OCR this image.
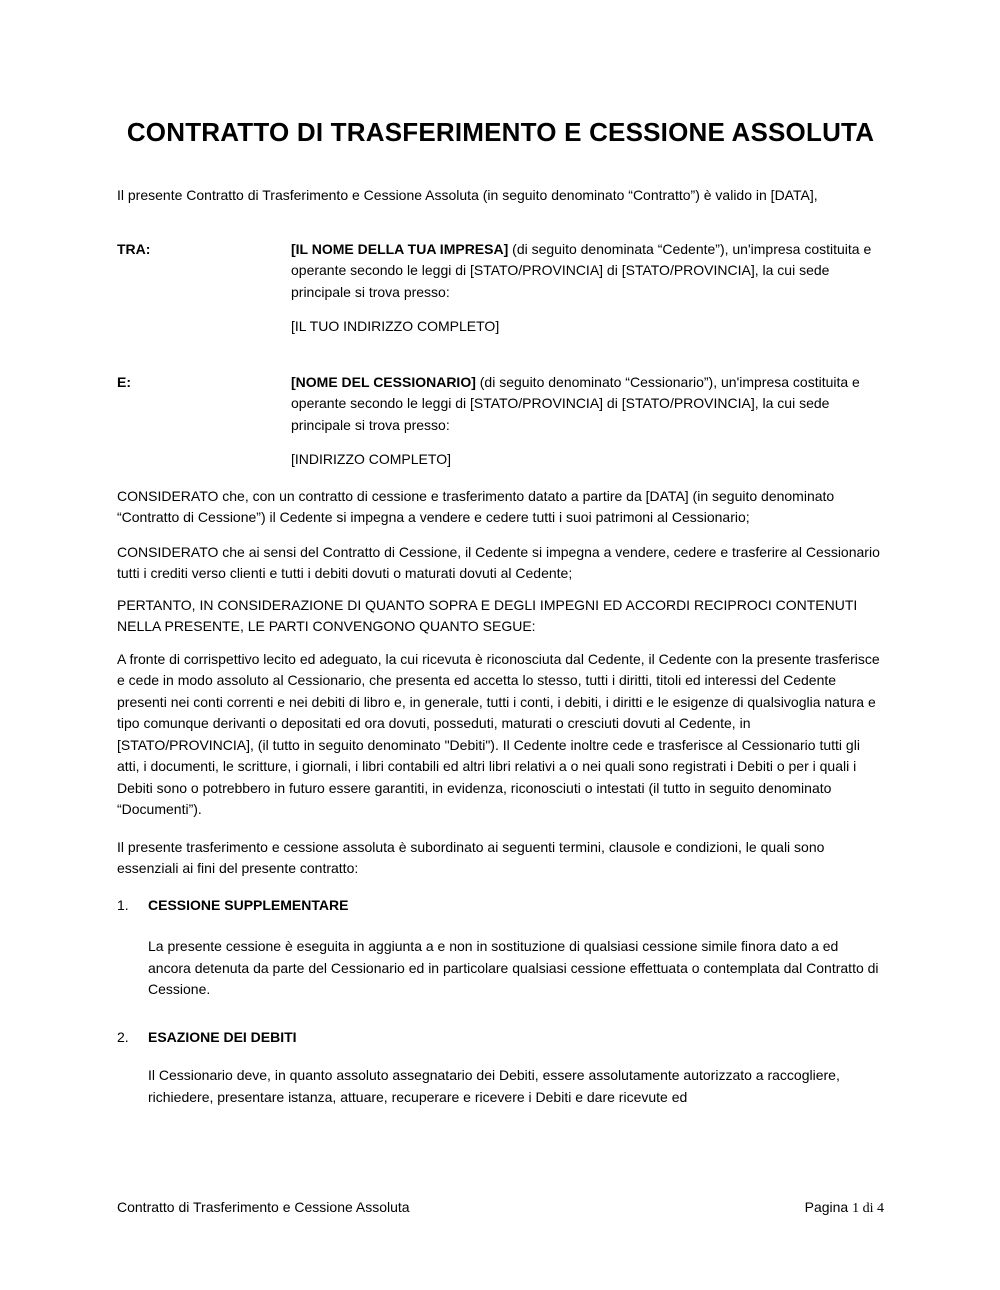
CONTRATTO DI TRASFERIMENTO E CESSIONE ASSOLUTA

Il presente Contratto di Trasferimento e Cessione Assoluta (in seguito denominato “Contratto”) è valido in [DATA],

TRA:	[IL NOME DELLA TUA IMPRESA] (di seguito denominata “Cedente”), un'impresa costituita e operante secondo le leggi di [STATO/PROVINCIA] di [STATO/PROVINCIA], la cui sede principale si trova presso:

[IL TUO INDIRIZZO COMPLETO]

E:	[NOME DEL CESSIONARIO] (di seguito denominato “Cessionario”), un'impresa costituita e operante secondo le leggi di [STATO/PROVINCIA] di [STATO/PROVINCIA], la cui sede principale si trova presso:

[INDIRIZZO COMPLETO]

CONSIDERATO che, con un contratto di cessione e trasferimento datato a partire da [DATA] (in seguito denominato “Contratto di Cessione”) il Cedente si impegna a vendere e cedere tutti i suoi patrimoni al Cessionario;

CONSIDERATO che ai sensi del Contratto di Cessione, il Cedente si impegna a vendere, cedere e trasferire al Cessionario tutti i crediti verso clienti e tutti i debiti dovuti o maturati dovuti al Cedente;

PERTANTO, IN CONSIDERAZIONE DI QUANTO SOPRA E DEGLI IMPEGNI ED ACCORDI RECIPROCI CONTENUTI NELLA PRESENTE, LE PARTI CONVENGONO QUANTO SEGUE:

A fronte di corrispettivo lecito ed adeguato, la cui ricevuta è riconosciuta dal Cedente, il Cedente con la presente trasferisce e cede in modo assoluto al Cessionario, che presenta ed accetta lo stesso, tutti i diritti, titoli ed interessi del Cedente presenti nei conti correnti e nei debiti di libro e, in generale, tutti i conti, i debiti, i diritti e le esigenze di qualsivoglia natura e tipo comunque derivanti o depositati ed ora dovuti, posseduti, maturati o cresciuti dovuti al Cedente, in [STATO/PROVINCIA], (il tutto in seguito denominato "Debiti"). Il Cedente inoltre cede e trasferisce al Cessionario tutti gli atti, i documenti, le scritture, i giornali, i libri contabili ed altri libri relativi a o nei quali sono registrati i Debiti o per i quali i Debiti sono o potrebbero in futuro essere garantiti, in evidenza, riconosciuti o intestati (il tutto in seguito denominato “Documenti”).

Il presente trasferimento e cessione assoluta è subordinato ai seguenti termini, clausole e condizioni, le quali sono essenziali ai fini del presente contratto:

1.	CESSIONE SUPPLEMENTARE

La presente cessione è eseguita in aggiunta a e non in sostituzione di qualsiasi cessione simile finora dato a ed ancora detenuta da parte del Cessionario ed in particolare qualsiasi cessione effettuata o contemplata dal Contratto di Cessione.

2.	ESAZIONE DEI DEBITI

Il Cessionario deve, in quanto assoluto assegnatario dei Debiti, essere assolutamente autorizzato a raccogliere, richiedere, presentare istanza, attuare, recuperare e ricevere i Debiti e dare ricevute ed

Contratto di Trasferimento e Cessione Assoluta	Pagina 1 di 4
